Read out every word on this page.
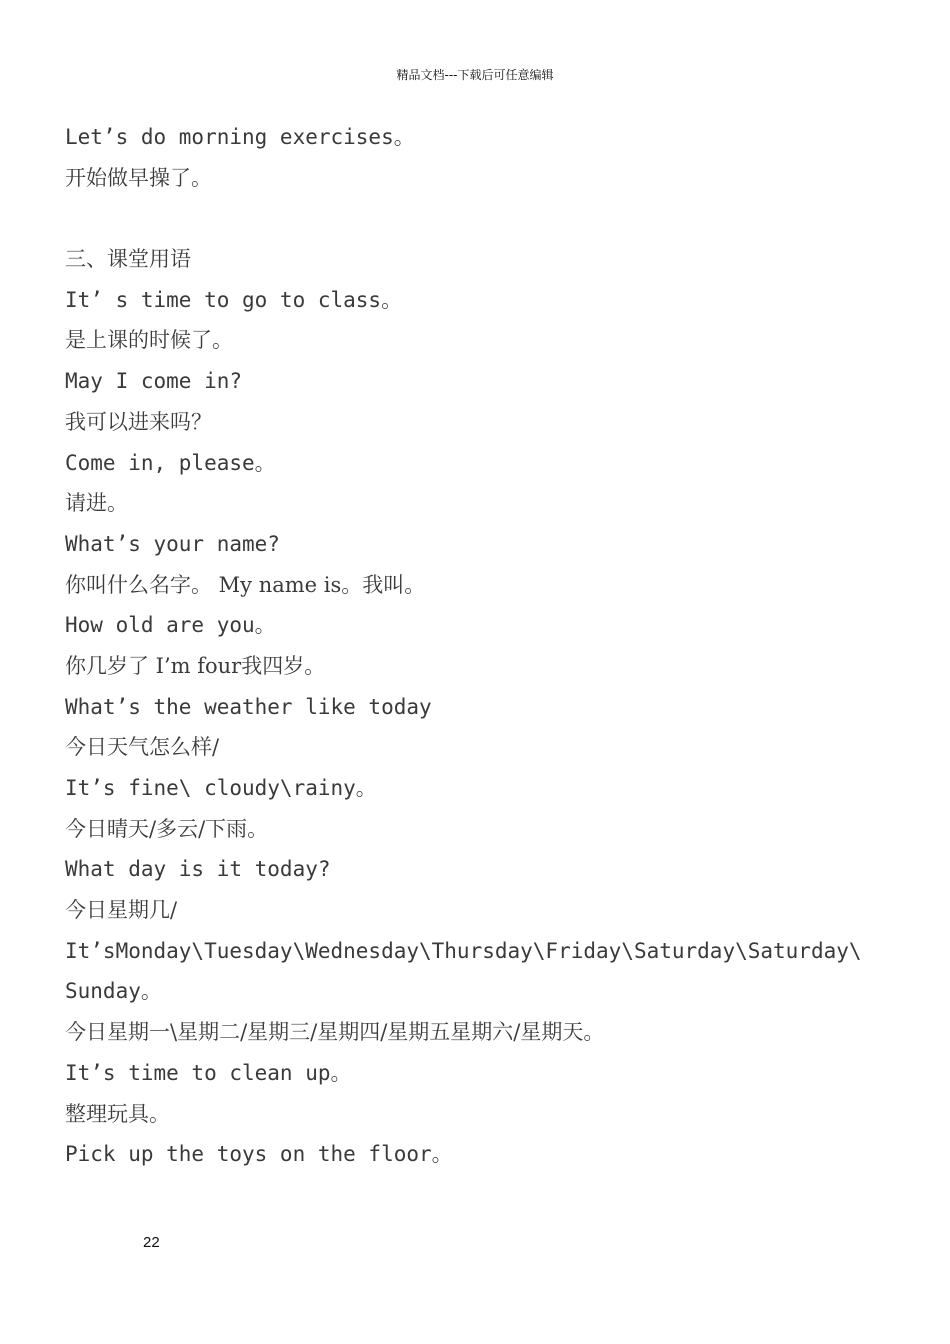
精品文档---下载后可任意编辑
Let’s do morning exercises。
开始做早操了。
三、课堂用语
It’ s time to go to class。
是上课的时候了。
May I come in?
我可以进来吗？
Come in, please。
请进。
What’s your name?
你叫什么名字。 My name is。我叫。
How old are you。
你几岁了 I’m four我四岁。
What’s the weather like today
今日天气怎么样/
It’s fine\ cloudy\rainy。
今日晴天/多云/下雨。
What day is it today?
今日星期几/
It’sMonday\Tuesday\Wednesday\Thursday\Friday\Saturday\Saturday\
Sunday。
今日星期一\星期二/星期三/星期四/星期五星期六/星期天。
It’s time to clean up。
整理玩具。
Pick up the toys on the floor。
22
